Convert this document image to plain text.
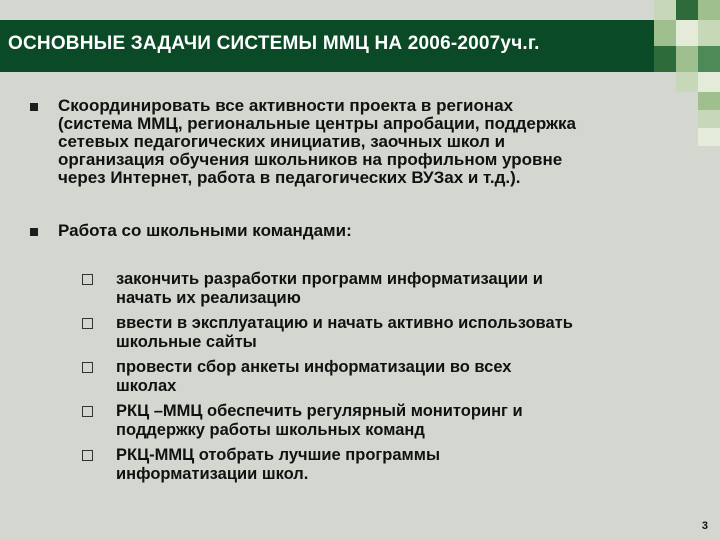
ОСНОВНЫЕ ЗАДАЧИ СИСТЕМЫ ММЦ НА 2006-2007уч.г.
Скоординировать все активности проекта в регионах
(система ММЦ, региональные центры апробации, поддержка
сетевых педагогических инициатив, заочных школ и
организация обучения школьников на профильном уровне
через Интернет, работа в педагогических ВУЗах и т.д.).
Работа со школьными командами:
закончить разработки программ информатизации и
начать их реализацию
ввести в эксплуатацию и начать активно использовать
школьные сайты
провести сбор анкеты информатизации во всех
школах
РКЦ –ММЦ обеспечить регулярный мониторинг и
поддержку работы школьных команд
РКЦ-ММЦ отобрать лучшие программы
информатизации школ.
3
